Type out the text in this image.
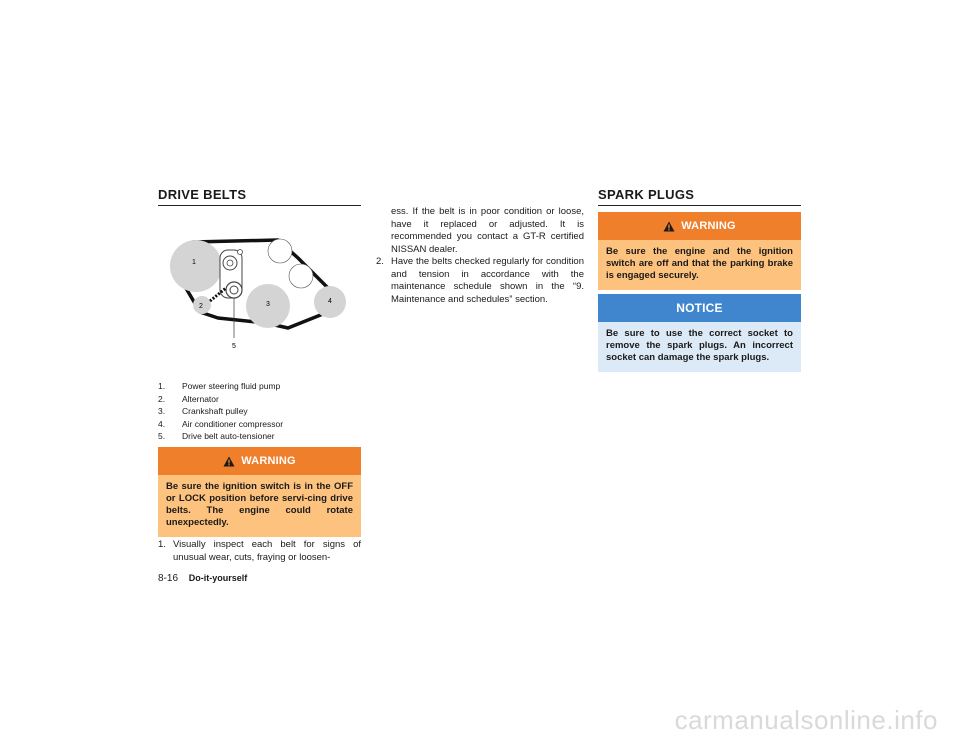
DRIVE BELTS
1
2	3	4
5
1.	Power steering fluid pump
2.	Alternator
3.	Crankshaft pulley
4.	Air conditioner compressor
5.	Drive belt auto-tensioner
WARNING
Be sure the ignition switch is in the OFF or LOCK position before servi-cing drive belts. The engine could rotate unexpectedly.
1. Visually inspect each belt for signs of unusual wear, cuts, fraying or loosen-
ess. If the belt is in poor condition or loose, have it replaced or adjusted. It is recommended you contact a GT-R certified NISSAN dealer.
2. Have the belts checked regularly for condition and tension in accordance with the maintenance schedule shown in the “9. Maintenance and schedules” section.
SPARK PLUGS
WARNING
Be sure the engine and the ignition switch are off and that the parking brake is engaged securely.
NOTICE
Be sure to use the correct socket to remove the spark plugs. An incorrect socket can damage the spark plugs.
8-16 Do-it-yourself
carmanualsonline.info
